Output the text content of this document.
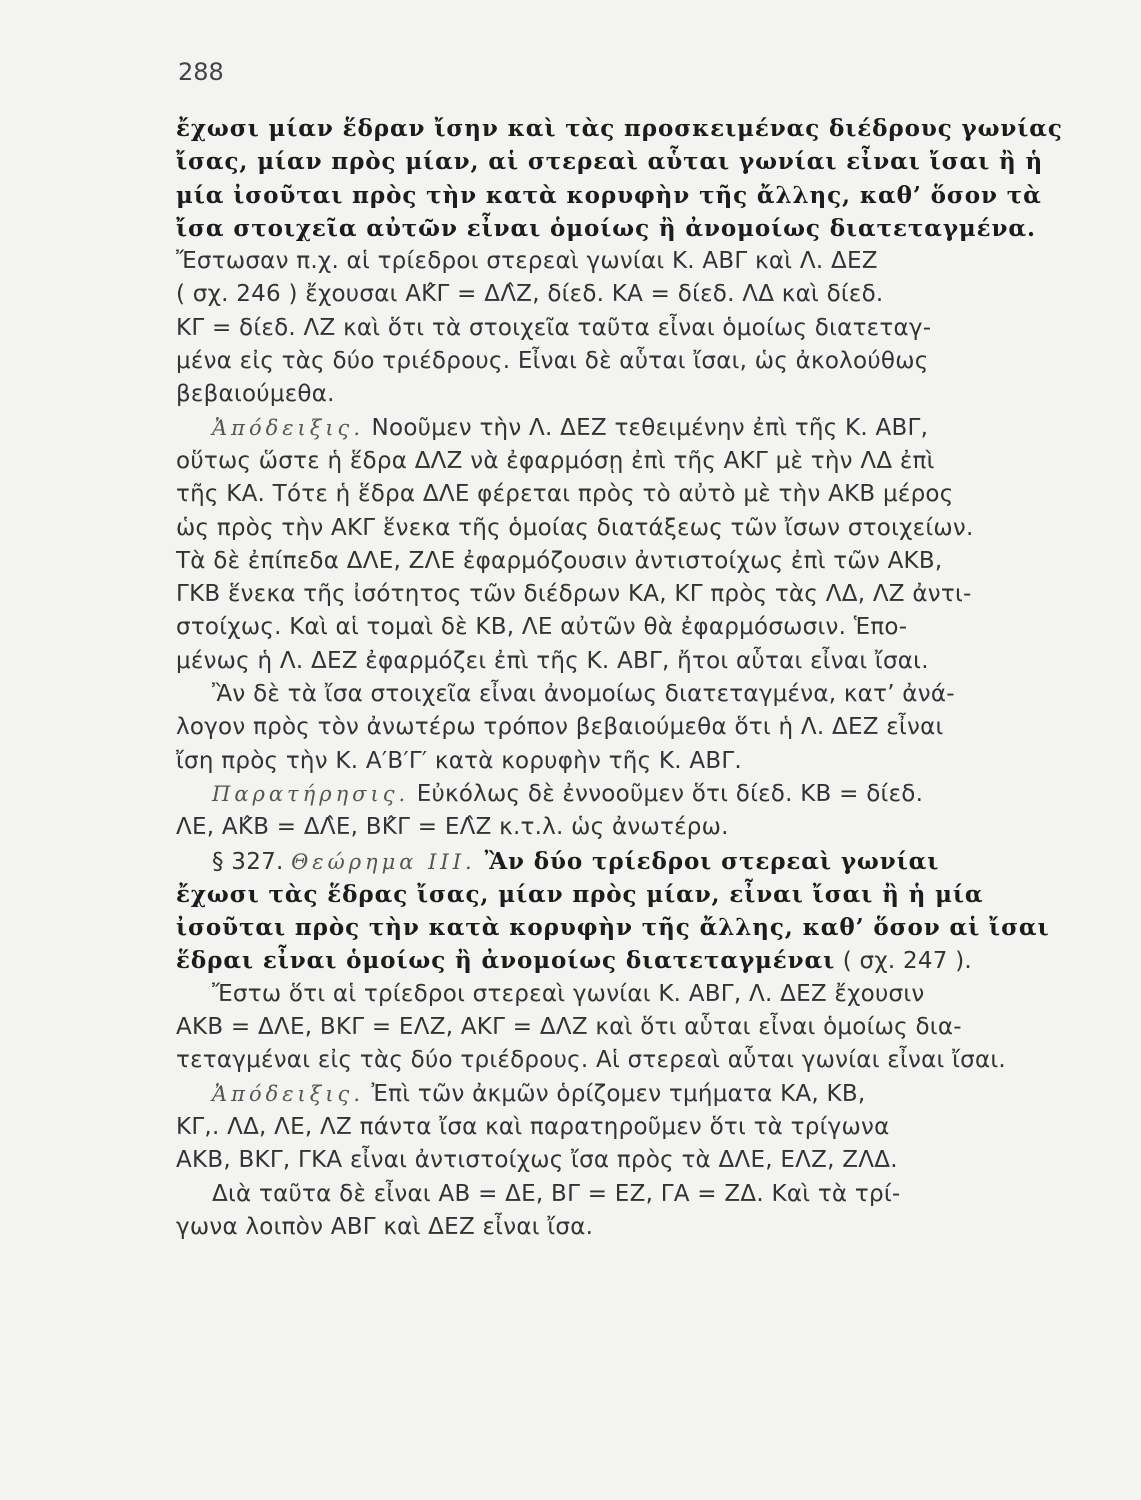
288
ἔχωσι μίαν ἕδραν ἴσην καὶ τὰς προσκειμένας διέδρους γωνίας
ἴσας, μίαν πρὸς μίαν, αἱ στερεαὶ αὗται γωνίαι εἶναι ἴσαι ἢ ἡ
μία ἰσοῦται πρὸς τὴν κατὰ κορυφὴν τῆς ἄλλης, καθ’ ὅσον τὰ
ἴσα στοιχεῖα αὐτῶν εἶναι ὁμοίως ἢ ἀνομοίως διατεταγμένα.
Ἔστωσαν π.χ. αἱ τρίεδροι στερεαὶ γωνίαι Κ. ΑΒΓ καὶ Λ. ΔΕΖ
( σχ. 246 ) ἔχουσαι ΑΚ̂Γ = ΔΛ̂Ζ, δίεδ. ΚΑ = δίεδ. ΛΔ καὶ δίεδ.
ΚΓ = δίεδ. ΛΖ καὶ ὅτι τὰ στοιχεῖα ταῦτα εἶναι ὁμοίως διατεταγ-
μένα εἰς τὰς δύο τριέδρους. Εἶναι δὲ αὗται ἴσαι, ὡς ἀκολούθως
βεβαιούμεθα.
Ἀπόδειξις. Νοοῦμεν τὴν Λ. ΔΕΖ τεθειμένην ἐπὶ τῆς Κ. ΑΒΓ,
οὕτως ὥστε ἡ ἕδρα ΔΛΖ νὰ ἐφαρμόσῃ ἐπὶ τῆς ΑΚΓ μὲ τὴν ΛΔ ἐπὶ
τῆς ΚΑ. Τότε ἡ ἕδρα ΔΛΕ φέρεται πρὸς τὸ αὐτὸ μὲ τὴν ΑΚΒ μέρος
ὡς πρὸς τὴν ΑΚΓ ἕνεκα τῆς ὁμοίας διατάξεως τῶν ἴσων στοιχείων.
Τὰ δὲ ἐπίπεδα ΔΛΕ, ΖΛΕ ἐφαρμόζουσιν ἀντιστοίχως ἐπὶ τῶν ΑΚΒ,
ΓΚΒ ἕνεκα τῆς ἰσότητος τῶν διέδρων ΚΑ, ΚΓ πρὸς τὰς ΛΔ, ΛΖ ἀντι-
στοίχως. Καὶ αἱ τομαὶ δὲ ΚΒ, ΛΕ αὐτῶν θὰ ἐφαρμόσωσιν. Ἑπο-
μένως ἡ Λ. ΔΕΖ ἐφαρμόζει ἐπὶ τῆς Κ. ΑΒΓ, ἤτοι αὗται εἶναι ἴσαι.
Ἂν δὲ τὰ ἴσα στοιχεῖα εἶναι ἀνομοίως διατεταγμένα, κατ’ ἀνά-
λογον πρὸς τὸν ἀνωτέρω τρόπον βεβαιούμεθα ὅτι ἡ Λ. ΔΕΖ εἶναι
ἴση πρὸς τὴν Κ. Α′Β′Γ′ κατὰ κορυφὴν τῆς Κ. ΑΒΓ.
Παρατήρησις. Εὐκόλως δὲ ἐννοοῦμεν ὅτι δίεδ. ΚΒ = δίεδ.
ΛΕ, ΑΚ̂Β = ΔΛ̂Ε, ΒΚ̂Γ = ΕΛ̂Ζ κ.τ.λ. ὡς ἀνωτέρω.
§ 327. Θεώρημα ΙΙΙ. Ἂν δύο τρίεδροι στερεαὶ γωνίαι
ἔχωσι τὰς ἕδρας ἴσας, μίαν πρὸς μίαν, εἶναι ἴσαι ἢ ἡ μία
ἰσοῦται πρὸς τὴν κατὰ κορυφὴν τῆς ἄλλης, καθ’ ὅσον αἱ ἴσαι
ἕδραι εἶναι ὁμοίως ἢ ἀνομοίως διατεταγμέναι ( σχ. 247 ).
Ἔστω ὅτι αἱ τρίεδροι στερεαὶ γωνίαι Κ. ΑΒΓ, Λ. ΔΕΖ ἔχουσιν
ΑΚΒ = ΔΛΕ, ΒΚΓ = ΕΛΖ, ΑΚΓ = ΔΛΖ καὶ ὅτι αὗται εἶναι ὁμοίως δια-
τεταγμέναι εἰς τὰς δύο τριέδρους. Αἱ στερεαὶ αὗται γωνίαι εἶναι ἴσαι.
Ἀπόδειξις. Ἐπὶ τῶν ἀκμῶν ὁρίζομεν τμήματα ΚΑ, ΚΒ,
ΚΓ,. ΛΔ, ΛΕ, ΛΖ πάντα ἴσα καὶ παρατηροῦμεν ὅτι τὰ τρίγωνα
ΑΚΒ, ΒΚΓ, ΓΚΑ εἶναι ἀντιστοίχως ἴσα πρὸς τὰ ΔΛΕ, ΕΛΖ, ΖΛΔ.
Διὰ ταῦτα δὲ εἶναι ΑΒ = ΔΕ, ΒΓ = ΕΖ, ΓΑ = ΖΔ. Καὶ τὰ τρί-
γωνα λοιπὸν ΑΒΓ καὶ ΔΕΖ εἶναι ἴσα.
